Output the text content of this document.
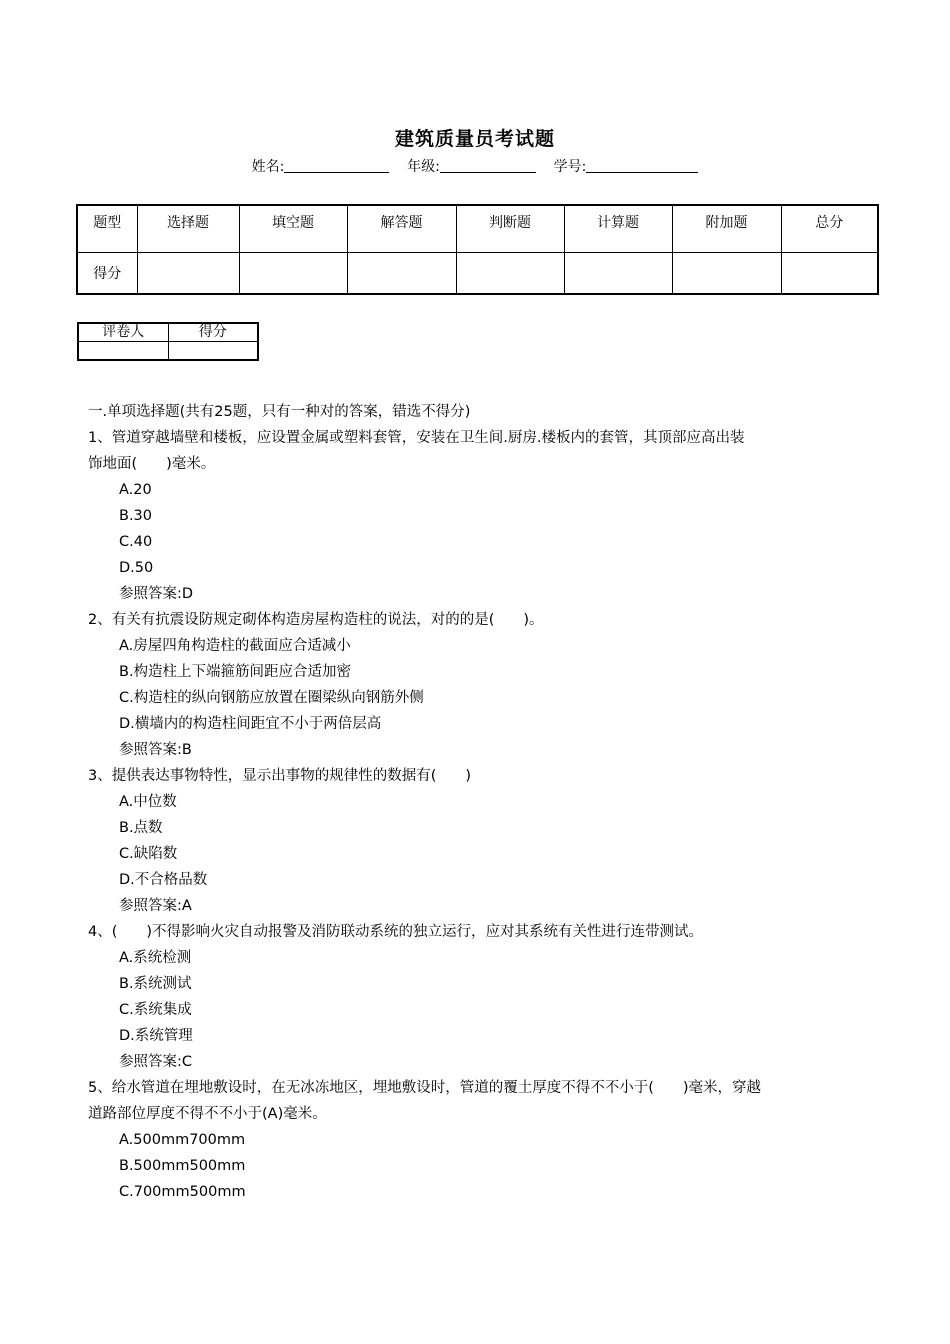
建筑质量员考试题
姓名:	年级:	学号:
题型	选择题	填空题	解答题	判断题	计算题	附加题	总分
得分							
评卷人	得分

一.单项选择题(共有25题，只有一种对的答案，错选不得分)
1、管道穿越墙壁和楼板，应设置金属或塑料套管，安装在卫生间.厨房.楼板内的套管，其顶部应高出装
饰地面(　　)毫米。
A.20
B.30
C.40
D.50
参照答案:D
2、有关有抗震设防规定砌体构造房屋构造柱的说法，对的的是(　　)。
A.房屋四角构造柱的截面应合适减小
B.构造柱上下端箍筋间距应合适加密
C.构造柱的纵向钢筋应放置在圈梁纵向钢筋外侧
D.横墙内的构造柱间距宜不小于两倍层高
参照答案:B
3、提供表达事物特性，显示出事物的规律性的数据有(　　)
A.中位数
B.点数
C.缺陷数
D.不合格品数
参照答案:A
4、(　　)不得影响火灾自动报警及消防联动系统的独立运行，应对其系统有关性进行连带测试。
A.系统检测
B.系统测试
C.系统集成
D.系统管理
参照答案:C
5、给水管道在埋地敷设时，在无冰冻地区，埋地敷设时，管道的覆土厚度不得不不小于(　　)毫米，穿越
道路部位厚度不得不不小于(A)毫米。
A.500mm700mm
B.500mm500mm
C.700mm500mm
